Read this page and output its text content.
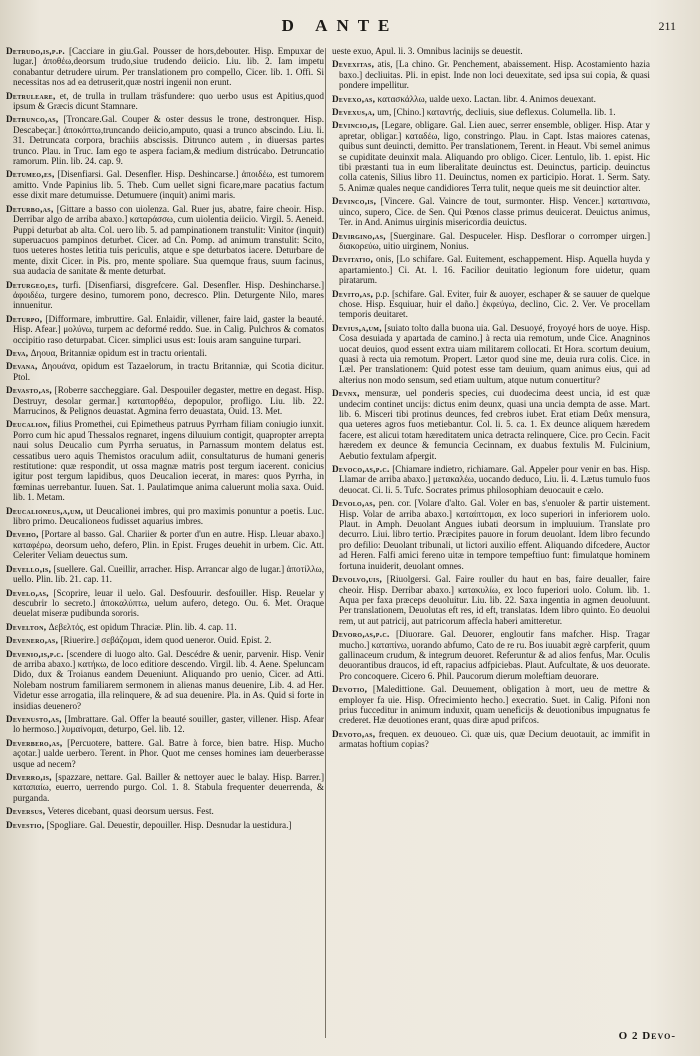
D ANTE	211

Detrudo,is,p.p. [Cacciare in giu.Gal. Pousser de hors,debouter. Hisp. Empuxar de lugar.] ἀποθέω,deorsum trudo,siue trudendo deiicio. Liu. lib. 2. Iam impetu conabantur detrudere uirum. Per translationem pro compello, Cicer. lib. 1. Offi. Si necessitas nos ad ea detruserit,quæ nostri ingenii non erunt.

Detruleare, et, de trulla in trullam träsfundere: quo uerbo usus est Apitius,quod ipsum & Græcis dicunt Stamnare.

Detrunco,as, [Troncare.Gal. Couper & oster dessus le trone, destronquer. Hisp. Descabeçar.] ἀποκόπτω,truncando deiicio,amputo, quasi a trunco abscindo. Liu. li. 31. Detruncata corpora, brachiis abscissis. Ditrunco autem , in diuersas partes trunco. Plau. in Truc. Iam ego te aspera faciam,& medium distrúcabo. Detruncatio ramorum. Plin. lib. 24. cap. 9.

Detumeo,es, [Disenfiarsi. Gal. Desenfler. Hisp. Deshincarse.] ἀποιδέω, est tumorem amitto. Vnde Papinius lib. 5. Theb. Cum uellet signi ficare,mare pacatius factum esse dixit mare detumuisse. Detumuere (inquit) animi maris.

Deturbo,as, [Gittare a basso con uiolenza. Gal. Ruer jus, abatre, faire cheoir. Hisp. Derribar algo de arriba abaxo.] καταράσσω, cum uiolentia deiicio. Virgil. 5. Aeneid. Puppi deturbat ab alta. Col. uero lib. 5. ad pampinationem transtulit: Vinitor (inquit) superuacuos pampinos deturbet. Cicer. ad Cn. Pomp. ad animum transtulit: Scito, tuos ueteres hostes letitia tuis periculis, atque e spe deturbatos iacere. Deturbare de mente, dixit Cicer. in Pis. pro, mente spoliare. Sua quemque fraus, suum facinus, sua audacia de sanitate & mente deturbat.

Deturgeo,es, turfi. [Disenfiarsi, disgrefcere. Gal. Desenfler. Hisp. Deshincharse.] ἀφοιδέω, turgere desino, tumorem pono, decresco. Plin. Deturgente Nilo, mares innuenitur.

Deturpo, [Difformare, imbruttire. Gal. Enlaidir, villener, faire laid, gaster la beauté. Hisp. Afear.] μολύνω, turpem ac deformé reddo. Sue. in Calig. Pulchros & comatos occipitio raso deturpabat. Cicer. simplici usus est: Iouis aram sanguine turpari.

Deva, Δηουα, Britanniæ opidum est in tractu orientali.

Devana, Δηουάνα, opidum est Tazaelorum, in tractu Britanniæ, qui Scotia dicitur. Ptol.

Devasto,as, [Roberre saccheggiare. Gal. Despouiler degaster, mettre en degast. Hisp. Destruyr, desolar germar.] καταπορθέω, depopulor, profligo. Liu. lib. 22. Marrucinos, & Pelignos deuastat. Agmina ferro deuastata, Ouid. 13. Met.

Deucalion, filius Promethei, cui Epimetheus patruus Pyrrham filiam coniugio iunxit. Porro cum hic apud Thessalos regnaret, ingens diluuium contigit, quapropter arrepta naui solus Deucalio cum Pyrrha seruatus, in Parnassum montem delatus est. cessatibus uero aquis Themistos oraculum adiit, consultaturus de humani generis restitutione: quæ respondit, ut ossa magnæ matris post tergum iacerent. conicius igitur post tergum lapidibus, quos Deucalion iecerat, in mares: quos Pyrrha, in fœminas uerrebantur. Iuuen. Sat. 1. Paulatimque anima caluerunt molia saxa. Ouid. lib. 1. Metam.

Deucalioneus,a,um, ut Deucalionei imbres, qui pro maximis ponuntur a poetis. Luc. libro primo. Deucalioneos fudisset aquarius imbres.

Deveho, [Portare al basso. Gal. Chariier & porter d'un en autre. Hisp. Lleuar abaxo.] καταφέρω, deorsum ueho, defero, Plin. in Epist. Fruges deuehit in urbem. Cic. Att. Celeriter Veliam deuectus sum.

Devello,is, [suellere. Gal. Cueillir, arracher. Hisp. Arrancar algo de lugar.] ἀποτίλλω, uello. Plin. lib. 21. cap. 11.

Develo,as, [Scoprire, leuar il uelo. Gal. Desfouurir. desfouiller. Hisp. Reuelar y descubrir lo secreto.] ἀποκαλύπτω, uelum aufero, detego. Ou. 6. Met. Oraque deuelat miseræ pudibunda sororis.

Develton, Δεβελτός, est opidum Thraciæ. Plin. lib. 4. cap. 11.

Devenero,as, [Riuerire.] σεβάζομαι, idem quod ueneror. Ouid. Epist. 2.

Devenio,is,p.c. [scendere di luogo alto. Gal. Descédre & uenir, parvenir. Hisp. Venir de arriba abaxo.] κατήκω, de loco editiore descendo. Virgil. lib. 4. Aene. Speluncam Dido, dux & Troianus eandem Deueniunt. Aliquando pro uenio, Cicer. ad Atti. Nolebam nostrum familiarem sermonem in alienas manus deuenire, Lib. 4. ad Her. Videtur esse arrogatia, illa relinquere, & ad sua deuenire. Pla. in As. Quid si forte in insidias deuenero?

Devenusto,as, [Imbrattare. Gal. Offer la beauté souiller, gaster, villener. Hisp. Afear lo hermoso.] λυμαίνομαι, deturpo, Gel. lib. 12.

Deverbero,as, [Percuotere, battere. Gal. Batre à force, bien batre. Hisp. Mucho açotar.] ualde uerbero. Terent. in Phor. Quot me censes homines iam deuerberasse usque ad necem?

Deverro,is, [spazzare, nettare. Gal. Bailler & nettoyer auec le balay. Hisp. Barrer.] καταπαίω, euerro, uerrendo purgo. Col. 1. 8. Stabula frequenter deuerrenda, & purganda.

Deversus, Veteres dicebant, quasi deorsum uersus. Fest.

Devestio, [Spogliare. Gal. Deuestir, depouiller. Hisp. Desnudar la uestidura.]

ueste exuo, Apul. li. 3. Omnibus lacinijs se deuestit.

Devexitas, atis, [La chino. Gr. Penchement, abaissement. Hisp. Acostamiento hazia baxo.] decliuitas. Pli. in epist. Inde non loci deuexitate, sed ipsa sui copia, & quasi pondere impellitur.

Devexo,as, κατασκάλλω, ualde uexo. Lactan. libr. 4. Animos deuexant.

Devexus,a, um, [Chino.] καταντής, decliuis, siue deflexus. Columella. lib. 1.

Devincio,is, [Legare, obligare. Gal. Lien auec, serrer ensemble, obliger. Hisp. Atar y apretar, obligar.] καταδέω, ligo, constringo. Plau. in Capt. Istas maiores catenas, quibus sunt deuincti, demitto. Per translationem, Terent. in Heaut. Vbi semel animus se cupiditate deuinxit mala. Aliquando pro obligo. Cicer. Lentulo, lib. 1. epist. Hic tibi præstanti tua in eum liberalitate deuinctus est. Deuinctus, particip. deuinctus colla catenis, Silius libro 11. Deuinctus, nomen ex participio. Horat. 1. Serm. Saty. 5. Animæ quales neque candidiores Terra tulit, neque queis me sit deuinctior alter.

Devinco,is, [Vincere. Gal. Vaincre de tout, surmonter. Hisp. Vencer.] καταπιναω, uinco, supero, Cice. de Sen. Qui Pœnos classe primus deuicerat. Deuictus animus, Ter. in And. Animus uirginis misericordia deuictus.

Devirgino,as, [Suerginare. Gal. Despuceler. Hisp. Desflorar o corromper uirgen.] διακορεύω, uitio uirginem, Nonius.

Devitatio, onis, [Lo schifare. Gal. Euitement, eschappement. Hisp. Aquella huyda y apartamiento.] Ci. At. l. 16. Facilior deuitatio legionum fore uidetur, quam piratarum.

Devito,as, p.p. [schifare. Gal. Eviter, fuir & auoyer, eschaper & se sauuer de quelque chose. Hisp. Esquiuar, huir el daño.] ἐκφεύγω, declino, Cic. 2. Ver. Ve procellam temporis deuitaret.

Devius,a,um, [suiato tolto dalla buona uia. Gal. Desuoyé, froyoyé hors de uoye. Hisp. Cosa desuiada y apartada de camino.] à recta uia remotum, unde Cice. Anagninos uocat deuios, quod essent extra uiam militarem collocati. Et Hora. scortum deuium, quasi à recta uia remotum. Propert. Lætor quod sine me, deuia rura colis. Cice. in Læl. Per translationem: Quid potest esse tam deuium, quam animus eius, qui ad alterius non modo sensum, sed etiam uultum, atque nutum conuertitur?

Devnx, mensuræ, uel ponderis species, cui duodecima deest uncia, id est quæ undecim continet uncijs: dictus enim deunx, quasi una uncia dempta de asse. Mart. lib. 6. Misceri tibi protinus deunces, fed crebros iubet. Erat etiam Deûx mensura, qua ueteres agros fuos metiebantur. Col. li. 5. ca. 1. Ex deunce aliquem hæredem facere, est alicui totam hæreditatem unica detracta relinquere, Cice. pro Cecin. Facit hæredem ex deunce & femuncia Cecinnam, ex duabus fextulis M. Fulcinium, Aebutio fextulam afpergit.

Devoco,as,p.c. [Chiamare indietro, richiamare. Gal. Appeler pour venir en bas. Hisp. Llamar de arriba abaxo.] μετακαλέω, uocando deduco, Liu. li. 4. Lætus tumulo fuos deuocat. Ci. li. 5. Tufc. Socrates primus philosophiam deuocauit e cælo.

Devolo,as, pen. cor. [Volare d'alto. Gal. Voler en bas, s'enuoler & partir uistement. Hisp. Volar de arriba abaxo.] καταίπτομαι, ex loco superiori in inferiorem uolo. Plaut. in Amph. Deuolant Angues iubati deorsum in impluuium. Translate pro decurro. Liui. libro tertio. Præcipites pauore in forum deuolant. Idem libro fecundo pro defilio: Deuolant tribunali, ut lictori auxilio effent. Aliquando difcedere, Auctor ad Heren. Falfi amici fereno uitæ in tempore tempeftiuo funt: fimulatque hominem fortuna inuiderit, deuolant omnes.

Devolvo,uis, [Riuolgersi. Gal. Faire rouller du haut en bas, faire deualler, faire cheoir. Hisp. Derribar abaxo.] κατακυλίω, ex loco fuperiori uolo. Colum. lib. 1. Aqua per faxa præceps deuoluitur. Liu. lib. 22. Saxa ingentia in agmen deuoluunt. Per translationem, Deuolutas eft res, id eft, translatas. Idem libro quinto. Eo deuolui rem, ut aut patricij, aut patricorum affecla haberi amitteretur.

Devoro,as,p.c. [Diuorare. Gal. Deuorer, engloutir fans mafcher. Hisp. Tragar mucho.] καταπίνω, uorando abfumo, Cato de re ru. Bos iuuabit ægrè carpferit, quum gallinaceum crudum, & integrum deuoret. Referuntur & ad alios fenfus, Mar. Oculis deuorantibus draucos, id eft, rapacius adfpiciebas. Plaut. Aufcultate, & uos deuorate. Pro concoquere. Cicero 6. Phil. Paucorum dierum moleftiam deuorare.

Devotio, [Maledittione. Gal. Deuuement, obligation à mort, ueu de mettre & employer fa uie. Hisp. Ofrecimiento hecho.] execratio. Suet. in Calig. Pifoni non prius fucceditur in animum induxit, quam ueneficijs & deuotionibus impugnatus fe crederet. Hæ deuotiones erant, quas diræ apud prifcos.

Devoto,as, frequen. ex deuoueo. Ci. quæ uis, quæ Decium deuotauit, ac immifit in armatas hoftium copias?

O 2 Devo-
